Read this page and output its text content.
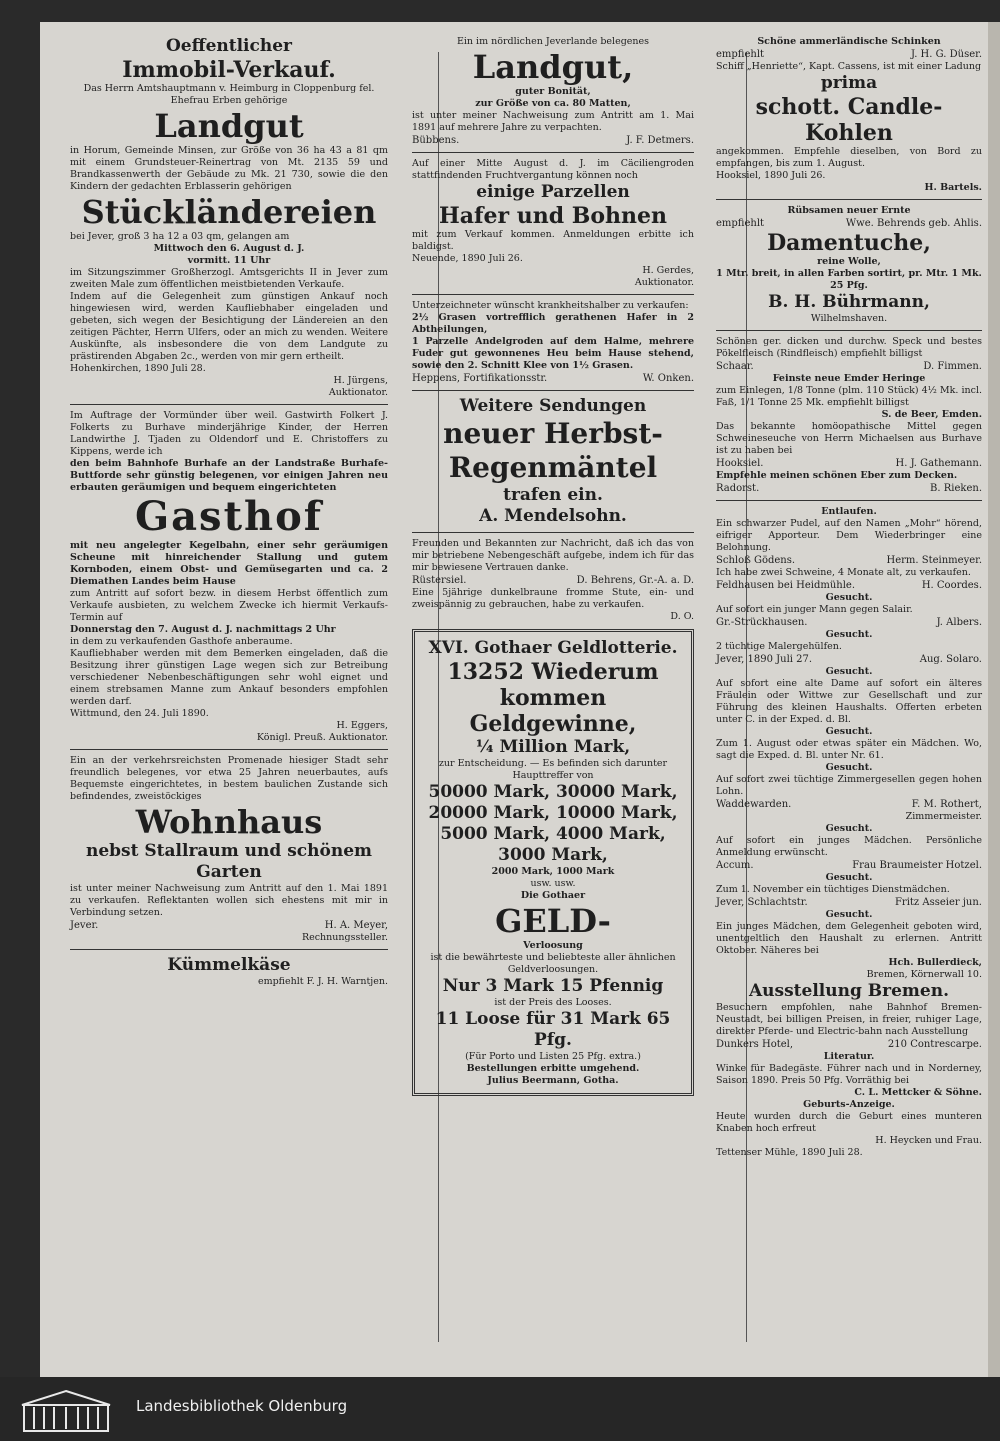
Oeffentlicher

Immobil-Verkauf.

Das Herrn Amtshauptmann v. Heimburg in Cloppenburg fel. Ehefrau Erben gehörige

Landgut

in Horum, Gemeinde Minsen, zur Größe von 36 ha 43 a 81 qm mit einem Grundsteuer-Reinertrag von Mt. 2135 59 und Brandkassenwerth der Gebäude zu Mk. 21 730, sowie die den Kindern der gedachten Erblasserin gehörigen

Stückländereien

bei Jever, groß 3 ha 12 a 03 qm, gelangen am

Mittwoch den 6. August d. J.

vormitt. 11 Uhr

im Sitzungszimmer Großherzogl. Amtsgerichts II in Jever zum zweiten Male zum öffentlichen meistbietenden Verkaufe.

Indem auf die Gelegenheit zum günstigen Ankauf noch hingewiesen wird, werden Kaufliebhaber eingeladen und gebeten, sich wegen der Besichtigung der Ländereien an den zeitigen Pächter, Herrn Ulfers, oder an mich zu wenden. Weitere Auskünfte, als insbesondere die von dem Landgute zu prästirenden Abgaben 2c., werden von mir gern ertheilt.

Hohenkirchen, 1890 Juli 28.

H. Jürgens,

Auktionator.

Im Auftrage der Vormünder über weil. Gastwirth Folkert J. Folkerts zu Burhave minderjährige Kinder, der Herren Landwirthe J. Tjaden zu Oldendorf und E. Christoffers zu Kippens, werde ich

den beim Bahnhofe Burhafe an der Landstraße Burhafe-Buttforde sehr günstig belegenen, vor einigen Jahren neu erbauten geräumigen und bequem eingerichteten

Gasthof

mit neu angelegter Kegelbahn, einer sehr geräumigen Scheune mit hinreichender Stallung und gutem Kornboden, einem Obst- und Gemüsegarten und ca. 2 Diemathen Landes beim Hause

zum Antritt auf sofort bezw. in diesem Herbst öffentlich zum Verkaufe ausbieten, zu welchem Zwecke ich hiermit Verkaufs-Termin auf

Donnerstag den 7. August d. J. nachmittags 2 Uhr

in dem zu verkaufenden Gasthofe anberaume.

Kaufliebhaber werden mit dem Bemerken eingeladen, daß die Besitzung ihrer günstigen Lage wegen sich zur Betreibung verschiedener Nebenbeschäftigungen sehr wohl eignet und einem strebsamen Manne zum Ankauf besonders empfohlen werden darf.

Wittmund, den 24. Juli 1890.

H. Eggers,

Königl. Preuß. Auktionator.

Ein an der verkehrsreichsten Promenade hiesiger Stadt sehr freundlich belegenes, vor etwa 25 Jahren neuerbautes, aufs Bequemste eingerichtetes, in bestem baulichen Zustande sich befindendes, zweistöckiges

Wohnhaus

nebst Stallraum und schönem Garten

ist unter meiner Nachweisung zum Antritt auf den 1. Mai 1891 zu verkaufen. Reflektanten wollen sich ehestens mit mir in Verbindung setzen.

Jever.	H. A. Meyer,

Rechnungssteller.

Kümmelkäse

empfiehlt F. J. H. Warntjen.

Ein im nördlichen Jeverlande belegenes

Landgut,

guter Bonität,

zur Größe von ca. 80 Matten,

ist unter meiner Nachweisung zum Antritt am 1. Mai 1891 auf mehrere Jahre zu verpachten.

Bübbens.	J. F. Detmers.

Auf einer Mitte August d. J. im Cäciliengroden stattfindenden Fruchtvergantung können noch

einige Parzellen

Hafer und Bohnen

mit zum Verkauf kommen. Anmeldungen erbitte ich baldigst.

Neuende, 1890 Juli 26.

H. Gerdes,

Auktionator.

Unterzeichneter wünscht krankheitshalber zu verkaufen:

2½ Grasen vortrefflich gerathenen Hafer in 2 Abtheilungen,

1 Parzelle Andelgroden auf dem Halme, mehrere Fuder gut gewonnenes Heu beim Hause stehend, sowie den 2. Schnitt Klee von 1½ Grasen.

Heppens, Fortifikationsstr.	W. Onken.

Weitere Sendungen

neuer Herbst-

Regenmäntel

trafen ein.

A. Mendelsohn.

Freunden und Bekannten zur Nachricht, daß ich das von mir betriebene Nebengeschäft aufgebe, indem ich für das mir bewiesene Vertrauen danke.

Rüstersiel.	D. Behrens, Gr.-A. a. D.

Eine 5jährige dunkelbraune fromme Stute, ein- und zweispännig zu gebrauchen, habe zu verkaufen.

D. O.

XVI. Gothaer Geldlotterie.

13252 Wiederum kommen Geldgewinne,

¼ Million Mark,

zur Entscheidung. — Es befinden sich darunter Haupttreffer von

50000 Mark, 30000 Mark,

20000 Mark, 10000 Mark,

5000 Mark, 4000 Mark,

3000 Mark,

2000 Mark, 1000 Mark

usw. usw.

Die Gothaer

GELD-

Verloosung

ist die bewährteste und beliebteste aller ähnlichen Geldverloosungen.

Nur 3 Mark 15 Pfennig

ist der Preis des Looses.

11 Loose für 31 Mark 65 Pfg.

(Für Porto und Listen 25 Pfg. extra.)

Bestellungen erbitte umgehend.

Julius Beermann, Gotha.

Schöne ammerländische Schinken

empfiehlt	J. H. G. Düser.

Schiff „Henriette“, Kapt. Cassens, ist mit einer Ladung

prima

schott. Candle-Kohlen

angekommen. Empfehle dieselben, von Bord zu empfangen, bis zum 1. August.

Hooksiel, 1890 Juli 26.

H. Bartels.

Rübsamen neuer Ernte

empfiehlt	Wwe. Behrends geb. Ahlis.

Damentuche,

reine Wolle,

1 Mtr. breit, in allen Farben sortirt, pr. Mtr. 1 Mk. 25 Pfg.

B. H. Bührmann,

Wilhelmshaven.

Schönen ger. dicken und durchw. Speck und bestes Pökelfleisch (Rindfleisch) empfiehlt billigst

Schaar.	D. Fimmen.

Feinste neue Emder Heringe

zum Einlegen, 1/8 Tonne (plm. 110 Stück) 4½ Mk. incl. Faß, 1/1 Tonne 25 Mk. empfiehlt billigst

S. de Beer, Emden.

Das bekannte homöopathische Mittel gegen Schweineseuche von Herrn Michaelsen aus Burhave ist zu haben bei

Hooksiel.	H. J. Gathemann.

Empfehle meinen schönen Eber zum Decken.

Radorst.	B. Rieken.

Entlaufen.

Ein schwarzer Pudel, auf den Namen „Mohr“ hörend, eifriger Apporteur. Dem Wiederbringer eine Belohnung.

Schloß Gödens.	Herm. Steinmeyer.

Ich habe zwei Schweine, 4 Monate alt, zu verkaufen.

Feldhausen bei Heidmühle.	H. Coordes.

Gesucht.

Auf sofort ein junger Mann gegen Salair.

Gr.-Strückhausen.	J. Albers.

Gesucht.

2 tüchtige Malergehülfen.

Jever, 1890 Juli 27.	Aug. Solaro.

Gesucht.

Auf sofort eine alte Dame auf sofort ein älteres Fräulein oder Wittwe zur Gesellschaft und zur Führung des kleinen Haushalts. Offerten erbeten unter C. in der Exped. d. Bl.

Gesucht.

Zum 1. August oder etwas später ein Mädchen. Wo, sagt die Exped. d. Bl. unter Nr. 61.

Gesucht.

Auf sofort zwei tüchtige Zimmergesellen gegen hohen Lohn.

Waddewarden.	F. M. Rothert,

Zimmermeister.

Gesucht.

Auf sofort ein junges Mädchen. Persönliche Anmeldung erwünscht.

Accum.	Frau Braumeister Hotzel.

Gesucht.

Zum 1. November ein tüchtiges Dienstmädchen.

Jever, Schlachtstr.	Fritz Asseier jun.

Gesucht.

Ein junges Mädchen, dem Gelegenheit geboten wird, unentgeltlich den Haushalt zu erlernen. Antritt Oktober. Näheres bei

Hch. Bullerdieck,

Bremen, Körnerwall 10.

Ausstellung Bremen.

Besuchern empfohlen, nahe Bahnhof Bremen-Neustadt, bei billigen Preisen, in freier, ruhiger Lage, direkter Pferde- und Electric-bahn nach Ausstellung

Dunkers Hotel,	210 Contrescarpe.

Literatur.

Winke für Badegäste. Führer nach und in Norderney, Saison 1890. Preis 50 Pfg. Vorräthig bei

C. L. Mettcker & Söhne.

Geburts-Anzeige.

Heute wurden durch die Geburt eines munteren Knaben hoch erfreut

H. Heycken und Frau.

Tettenser Mühle, 1890 Juli 28.

Landesbibliothek Oldenburg
